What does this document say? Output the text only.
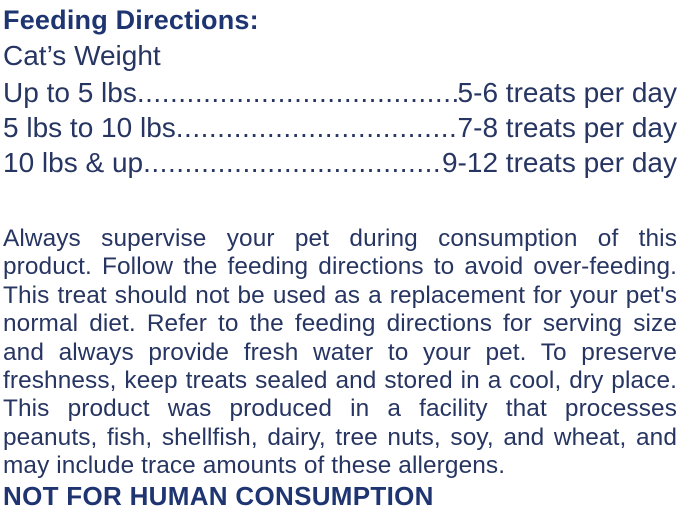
Feeding Directions:
Cat’s Weight
Up to 5 lbs .....	5-6 treats per day
5 lbs to 10 lbs .....	7-8 treats per day
10 lbs & up .....	9-12 treats per day
Always supervise your pet during consumption of this product. Follow the feeding directions to avoid over-feeding. This treat should not be used as a replacement for your pet's normal diet. Refer to the feeding directions for serving size and always provide fresh water to your pet. To preserve freshness, keep treats sealed and stored in a cool, dry place. This product was produced in a facility that processes peanuts, fish, shellfish, dairy, tree nuts, soy, and wheat, and may include trace amounts of these allergens.
NOT FOR HUMAN CONSUMPTION
